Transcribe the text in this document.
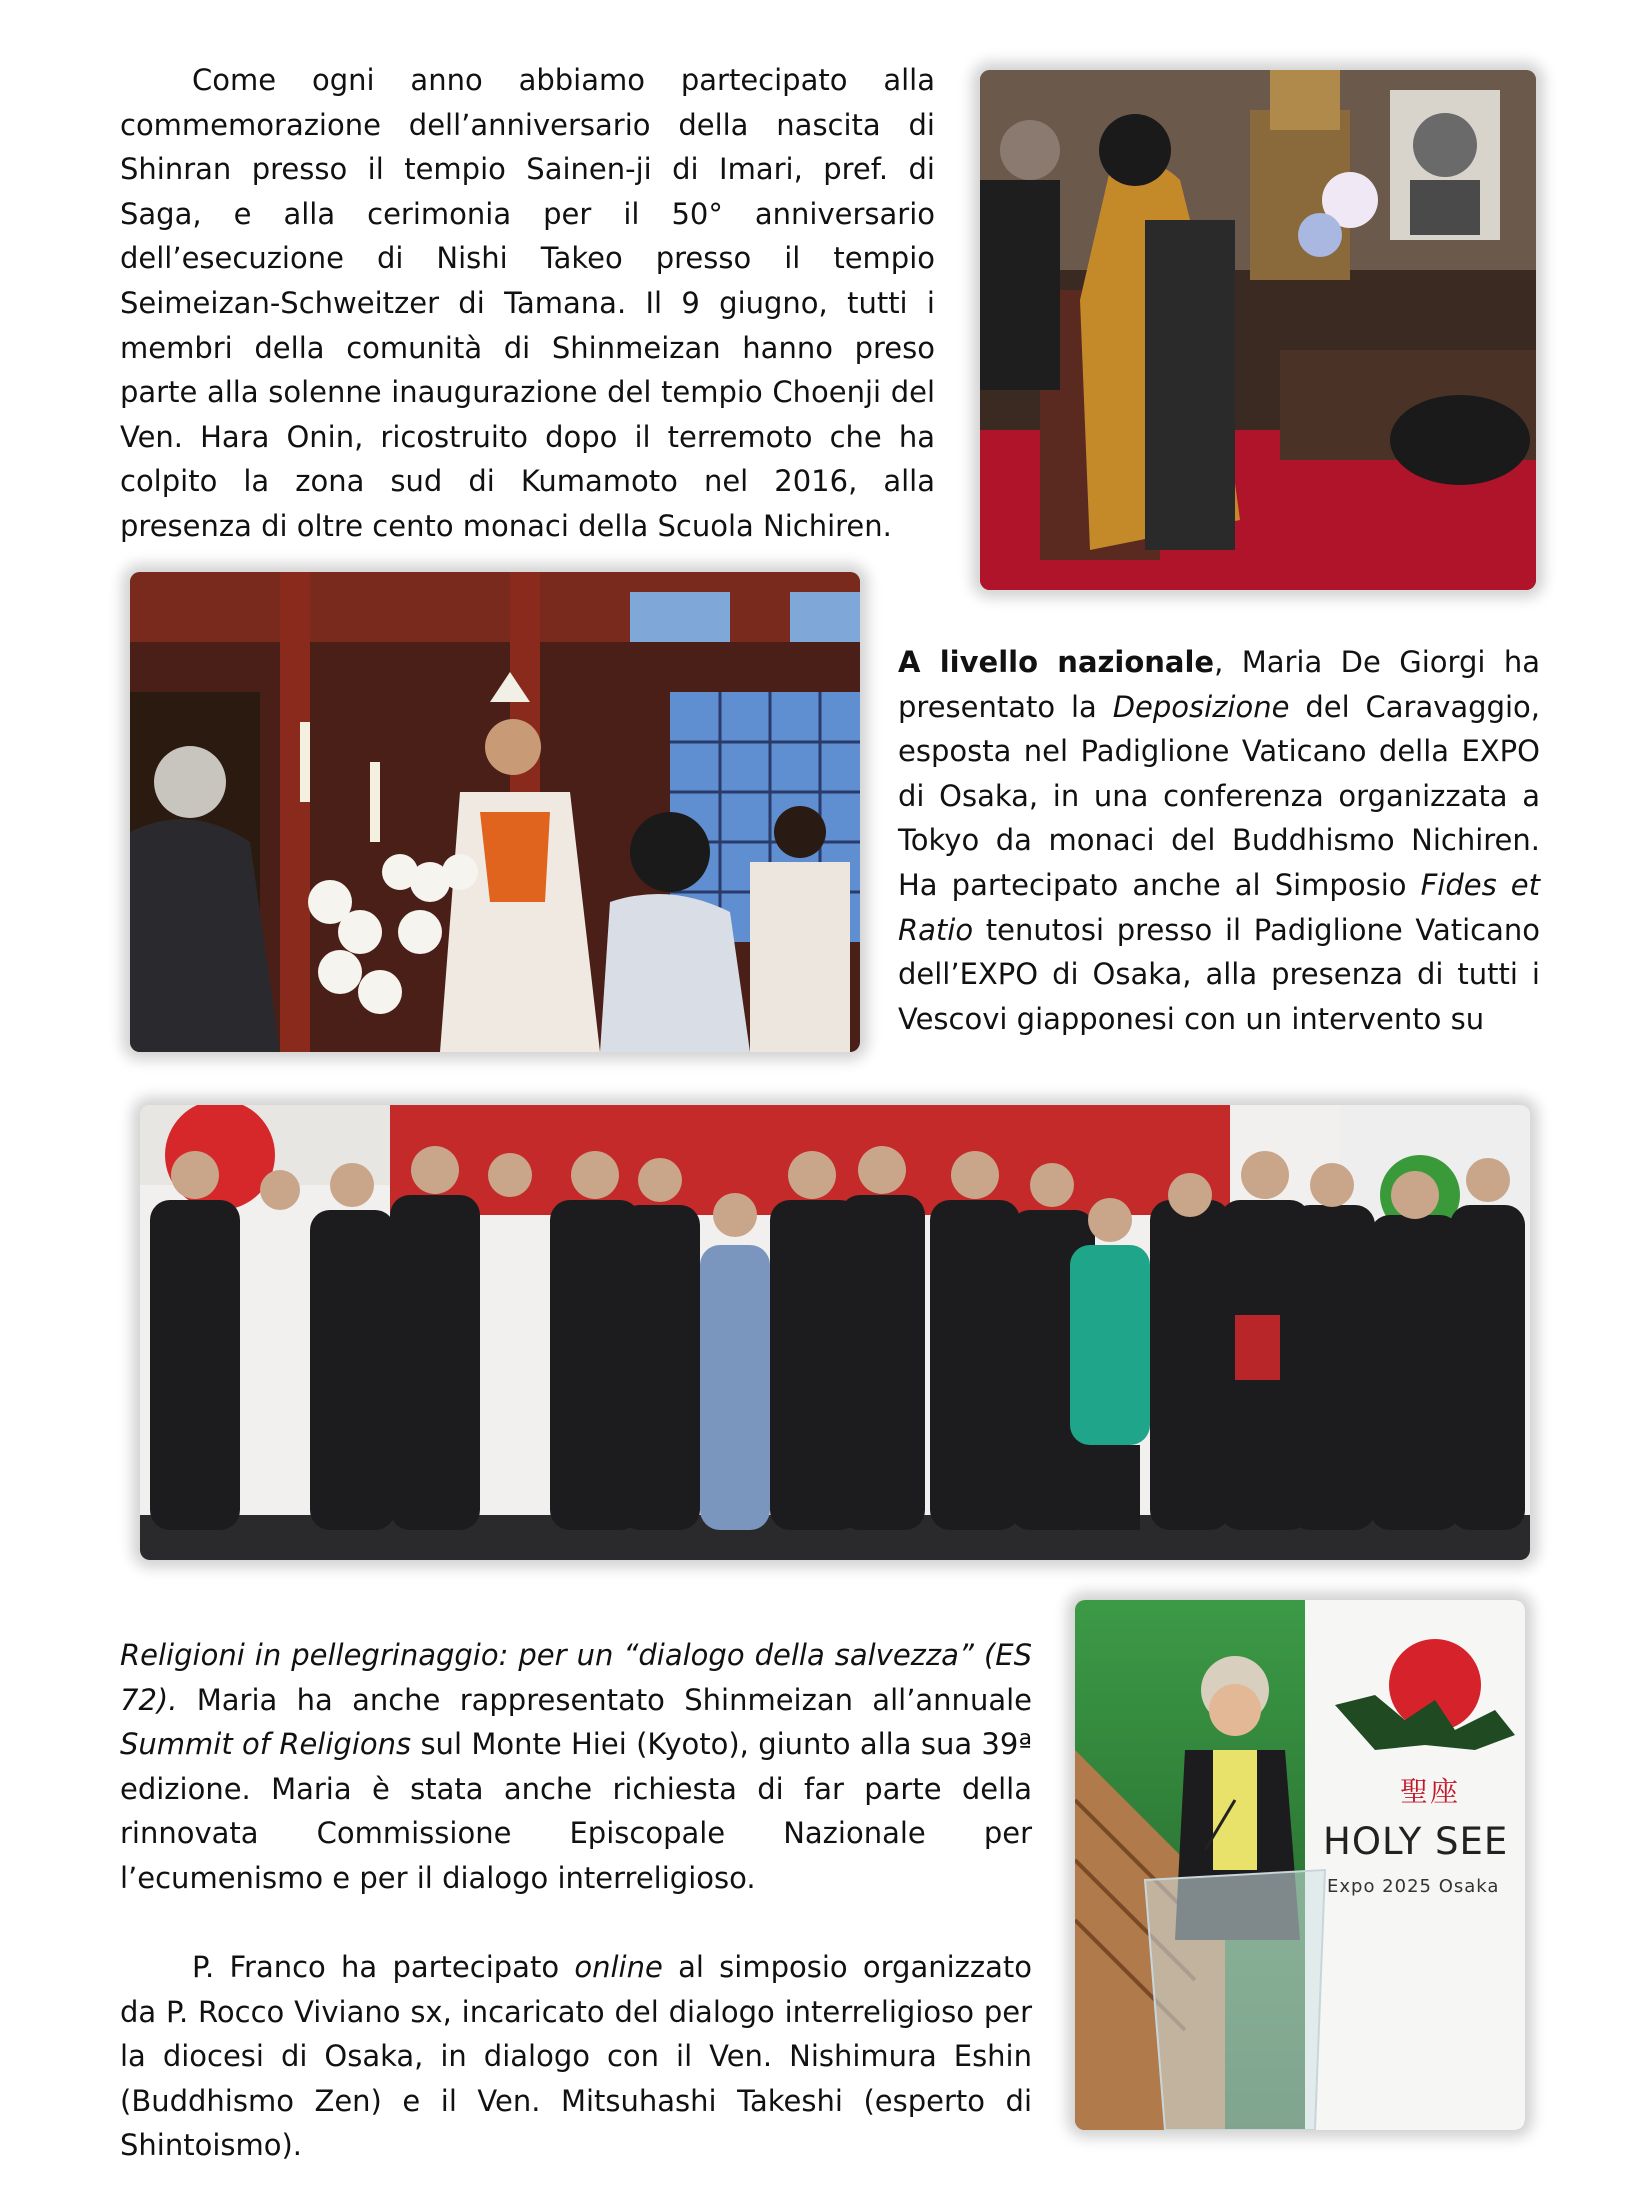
Come ogni anno abbiamo partecipato alla commemorazione dell’anniversario della nascita di Shinran presso il tempio Sainen-ji di Imari, pref. di Saga, e alla cerimonia per il 50° anniversario dell’esecuzione di Nishi Takeo presso il tempio Seimeizan-Schweitzer di Tamana. Il 9 giugno, tutti i membri della comunità di Shinmeizan hanno preso parte alla solenne inaugurazione del tempio Choenji del Ven. Hara Onin, ricostruito dopo il terremoto che ha colpito la zona sud di Kumamoto nel 2016, alla presenza di oltre cento monaci della Scuola Nichiren.

A livello nazionale, Maria De Giorgi ha presentato la Deposizione del Caravaggio, esposta nel Padiglione Vaticano della EXPO di Osaka, in una conferenza organizzata a Tokyo da monaci del Buddhismo Nichiren. Ha partecipato anche al Simposio Fides et Ratio tenutosi presso il Padiglione Vaticano dell’EXPO di Osaka, alla presenza di tutti i Vescovi giapponesi con un intervento su

Religioni in pellegrinaggio: per un “dialogo della salvezza” (ES 72). Maria ha anche rappresentato Shinmeizan all’annuale Summit of Religions sul Monte Hiei (Kyoto), giunto alla sua 39ª edizione. Maria è stata anche richiesta di far parte della rinnovata Commissione Episcopale Nazionale per l’ecumenismo e per il dialogo interreligioso.

P. Franco ha partecipato online al simposio organizzato da P. Rocco Viviano sx, incaricato del dialogo interreligioso per la diocesi di Osaka, in dialogo con il Ven. Nishimura Eshin (Buddhismo Zen) e il Ven. Mitsuhashi Takeshi (esperto di Shintoismo).

聖座
HOLY SEE
Expo 2025 Osaka
